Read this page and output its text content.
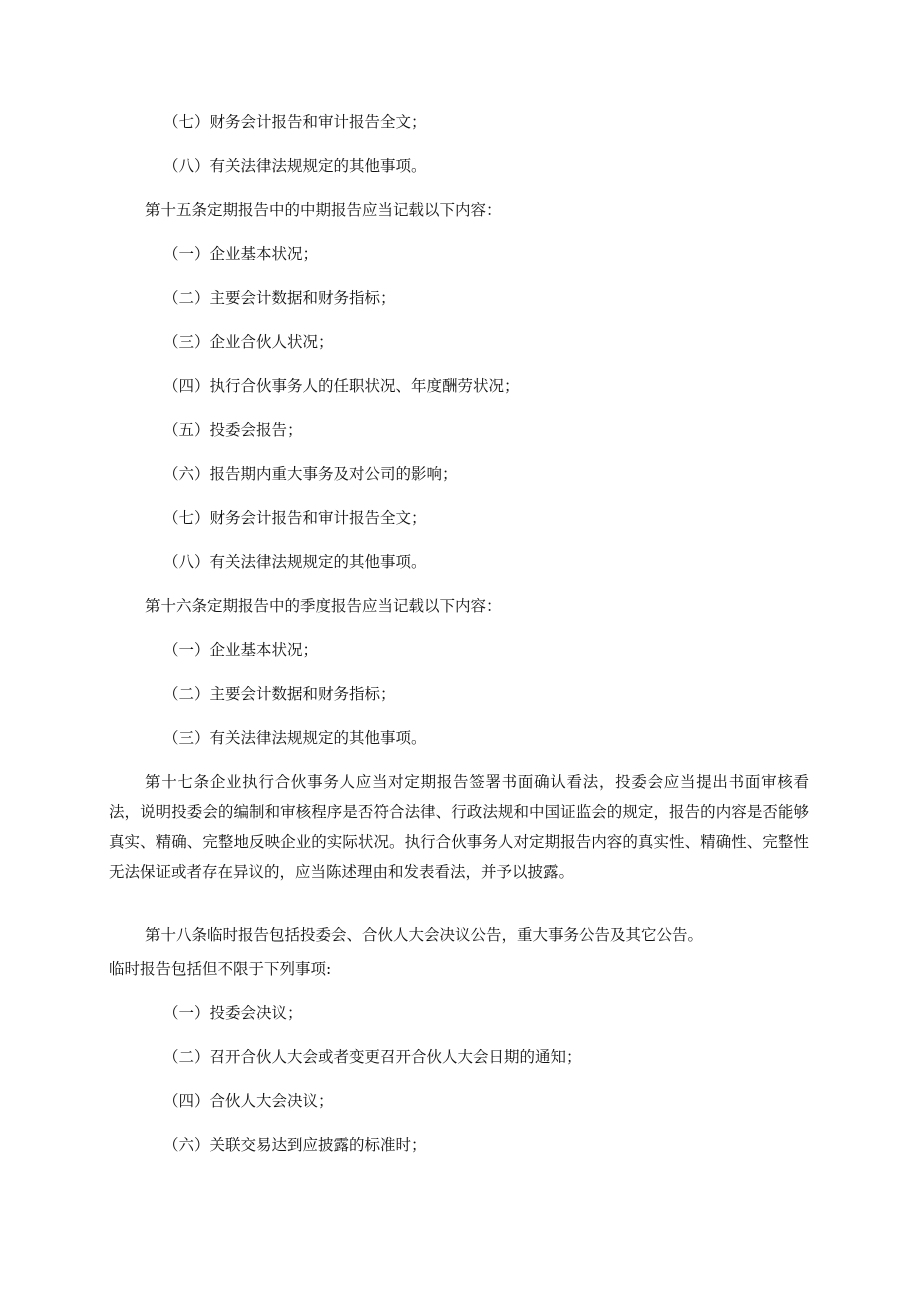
（七）财务会计报告和审计报告全文；
（八）有关法律法规规定的其他事项。
第十五条定期报告中的中期报告应当记载以下内容：
（一）企业基本状况；
（二）主要会计数据和财务指标；
（三）企业合伙人状况；
（四）执行合伙事务人的任职状况、年度酬劳状况；
（五）投委会报告；
（六）报告期内重大事务及对公司的影响；
（七）财务会计报告和审计报告全文；
（八）有关法律法规规定的其他事项。
第十六条定期报告中的季度报告应当记载以下内容：
（一）企业基本状况；
（二）主要会计数据和财务指标；
（三）有关法律法规规定的其他事项。
第十七条企业执行合伙事务人应当对定期报告签署书面确认看法，投委会应当提出书面审核看法，说明投委会的编制和审核程序是否符合法律、行政法规和中国证监会的规定，报告的内容是否能够真实、精确、完整地反映企业的实际状况。执行合伙事务人对定期报告内容的真实性、精确性、完整性无法保证或者存在异议的，应当陈述理由和发表看法，并予以披露。
第十八条临时报告包括投委会、合伙人大会决议公告，重大事务公告及其它公告。
临时报告包括但不限于下列事项:
（一）投委会决议；
（二）召开合伙人大会或者变更召开合伙人大会日期的通知；
（四）合伙人大会决议；
（六）关联交易达到应披露的标准时；
